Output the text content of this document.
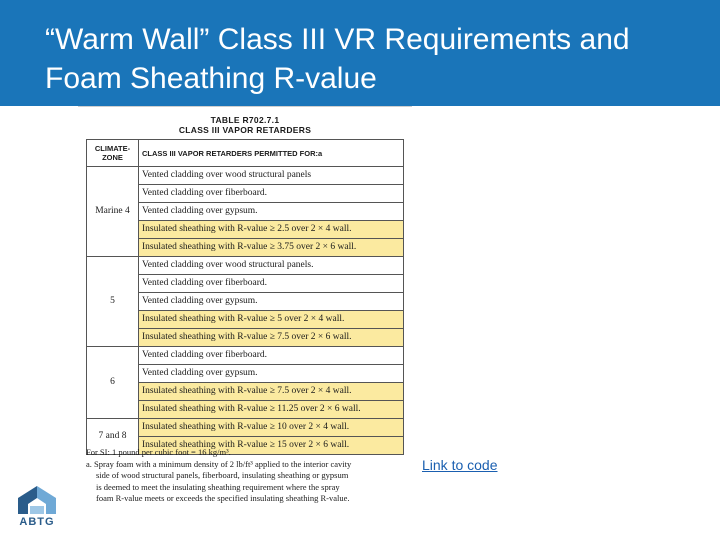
“Warm Wall” Class III VR Requirements and Foam Sheathing R-value
TABLE R702.7.1
CLASS III VAPOR RETARDERS
CLIMATE-ZONE	CLASS III VAPOR RETARDERS PERMITTED FOR:a
Marine 4	Vented cladding over wood structural panels
	Vented cladding over fiberboard.
	Vented cladding over gypsum.
	Insulated sheathing with R-value ≥ 2.5 over 2 × 4 wall.
	Insulated sheathing with R-value ≥ 3.75 over 2 × 6 wall.
5	Vented cladding over wood structural panels.
	Vented cladding over fiberboard.
	Vented cladding over gypsum.
	Insulated sheathing with R-value ≥ 5 over 2 × 4 wall.
	Insulated sheathing with R-value ≥ 7.5 over 2 × 6 wall.
6	Vented cladding over fiberboard.
	Vented cladding over gypsum.
	Insulated sheathing with R-value ≥ 7.5 over 2 × 4 wall.
	Insulated sheathing with R-value ≥ 11.25 over 2 × 6 wall.
7 and 8	Insulated sheathing with R-value ≥ 10 over 2 × 4 wall.
	Insulated sheathing with R-value ≥ 15 over 2 × 6 wall.

For SI: 1 pound per cubic foot = 16 kg/m³.

a. Spray foam with a minimum density of 2 lb/ft³ applied to the interior cavity

side of wood structural panels, fiberboard, insulating sheathing or gypsum

is deemed to meet the insulating sheathing requirement where the spray

foam R-value meets or exceeds the specified insulating sheathing R-value.

Link to code
ABTG
